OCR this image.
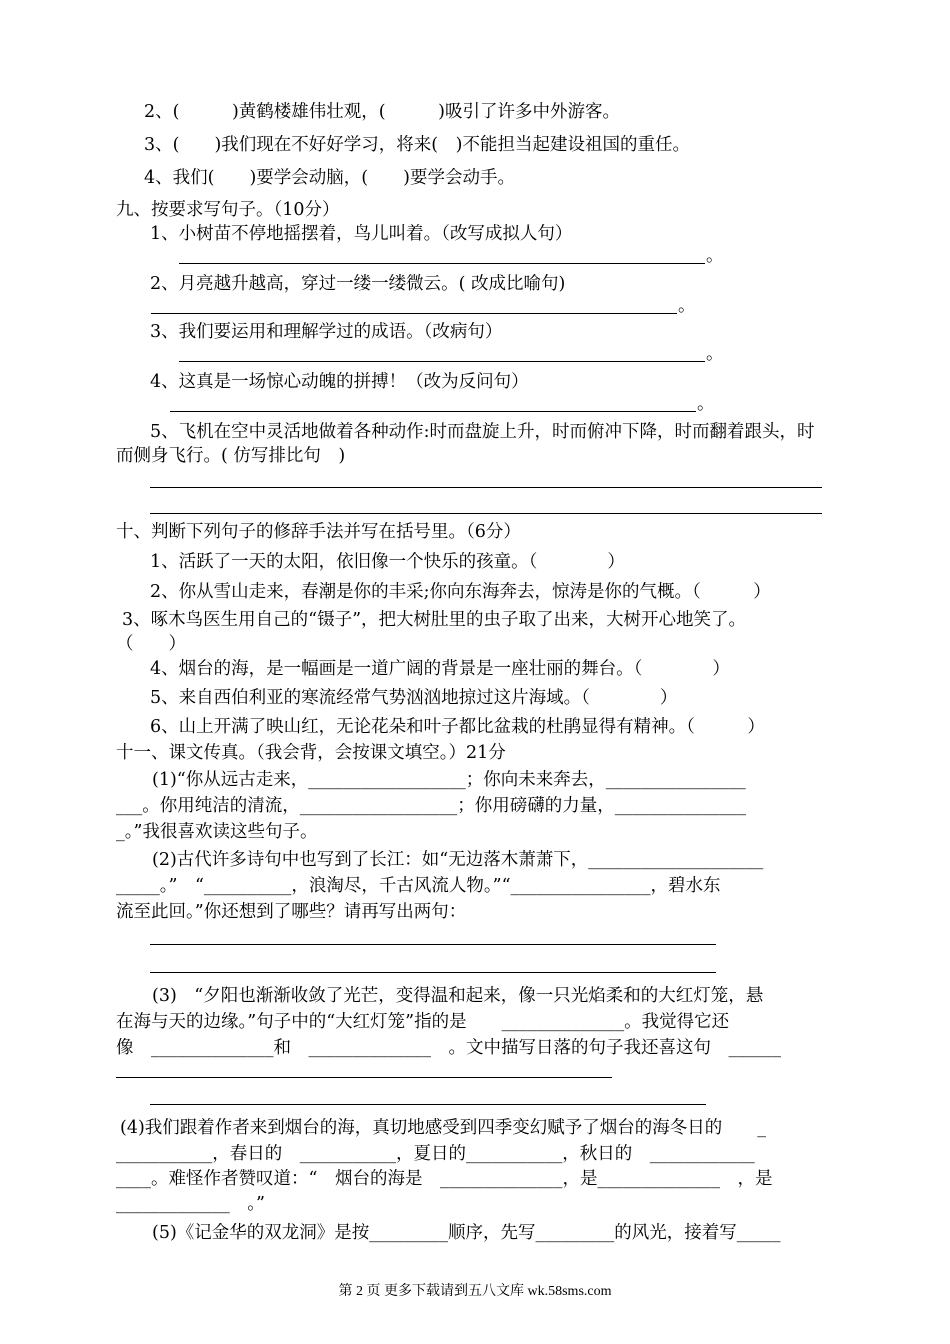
2、(　　　)黄鹤楼雄伟壮观，(　　　)吸引了许多中外游客。
3、(　　)我们现在不好好学习，将来(　)不能担当起建设祖国的重任。
4、我们(　　)要学会动脑，(　　)要学会动手。
九、按要求写句子。（10分）
1、小树苗不停地摇摆着，鸟儿叫着。（改写成拟人句）
。
2、月亮越升越高，穿过一缕一缕微云。( 改成比喻句)
。
3、我们要运用和理解学过的成语。（改病句）
。
4、这真是一场惊心动魄的拼搏！（改为反问句）
。
5、飞机在空中灵活地做着各种动作:时而盘旋上升，时而俯冲下降，时而翻着跟头，时
而侧身飞行。( 仿写排比句　)
十、判断下列句子的修辞手法并写在括号里。（6分）
1、活跃了一天的太阳，依旧像一个快乐的孩童。（　　　　）
2、你从雪山走来，春潮是你的丰采;你向东海奔去，惊涛是你的气概。（　　　）
3、啄木鸟医生用自己的“镊子”，把大树肚里的虫子取了出来，大树开心地笑了。
（　　）
4、烟台的海，是一幅画是一道广阔的背景是一座壮丽的舞台。（　　　　）
5、来自西伯利亚的寒流经常气势汹汹地掠过这片海域。（　　　　）
6、山上开满了映山红，无论花朵和叶子都比盆栽的杜鹃显得有精神。（　　　）
十一、课文传真。（我会背，会按课文填空。）21分
(1)“你从远古走来，__________________；你向未来奔去，________________
___。你用纯洁的清流，__________________；你用磅礴的力量，_______________
_。”我很喜欢读这些句子。
(2)古代许多诗句中也写到了长江：如“无边落木萧萧下，____________________
_____。”　“__________，浪淘尽，千古风流人物。”“________________，碧水东
流至此回。”你还想到了哪些？请再写出两句：
(3)　“夕阳也渐渐收敛了光芒，变得温和起来，像一只光焰柔和的大红灯笼，悬
在海与天的边缘。”句子中的“大红灯笼”指的是　　______________。我觉得它还
像　______________和　______________　。文中描写日落的句子我还喜这句　______
(4)我们跟着作者来到烟台的海，真切地感受到四季变幻赋予了烟台的海冬日的　　_
___________，春日的　___________，夏日的___________，秋日的　____________
____。难怪作者赞叹道：“　烟台的海是　______________，是______________　，是
_____________　。”
(5)《记金华的双龙洞》是按_________顺序，先写_________的风光，接着写_____
第 2 页 更多下载请到五八文库 wk.58sms.com
